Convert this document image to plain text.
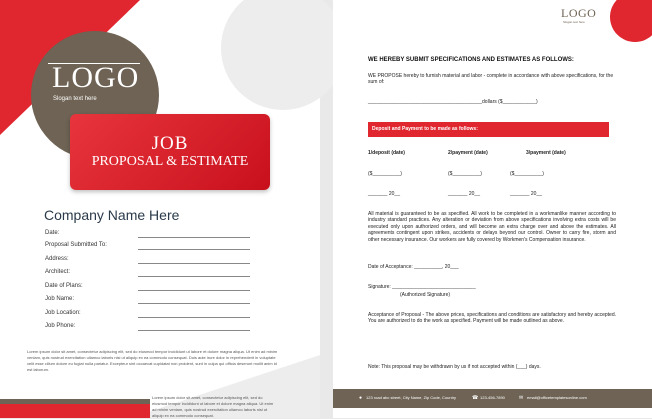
LOGO
Slogan text here
JOB
PROPOSAL & ESTIMATE
Company Name Here
Date:
Proposal Submitted To:
Address:
Architect:
Date of Plans:
Job Name:
Job Location:
Job Phone:
Lorem ipsum dolor sit amet, consectetur adipiscing elit, sed do eiusmod tempor incididunt ut labore et dolore magna aliqua. Ut enim ad minim veniam, quis nostrud exercitation ullamco laboris nisi ut aliquip ex ea commodo consequat. Duis aute irure dolor in reprehenderit in voluptate velit esse cillum dolore eu fugiat nulla pariatur. Excepteur sint occaecat cupidatat non proident, sunt in culpa qui officia deserunt mollit anim id est laborum.
Lorem ipsum dolor sit amet, consectetur adipiscing elit, sed do eiusmod tempor incididunt ut labore et dolore magna aliqua. Ut enim ad minim veniam, quis nostrud exercitation ullamco laboris nisi ut aliquip ex ea commodo consequat.
LOGO
Slogan text here
WE HEREBY SUBMIT SPECIFICATIONS AND ESTIMATES AS FOLLOWS:
WE PROPOSE hereby to furnish material and labor - complete in accordance with above specifications, for the sum of:
_________________________________________dollars ($____________)
Deposit and Payment to be made as follows:
1/deposit (date)	2/payment (date)	3/payment (date)
($__________)	($__________)	($__________)
_______ 20__	_______ 20__	_______ 20__
All material is guaranteed to be as specified. All work to be completed in a workmanlike manner according to industry standard practices. Any alteration or deviation from above specifications involving extra costs will be executed only upon authorized orders, and will become an extra charge over and above the estimates. All agreements contingent upon strikes, accidents or delays beyond our control. Owner to carry fire, storm and other necessary insurance. Our workers are fully covered by Workmen's Compensation insurance.
Date of Acceptance: __________, 20___
Signature: ______________________________
(Authorized Signature)
Acceptance of Proposal - The above prices, specifications and conditions are satisfactory and hereby accepted. You are authorized to do the work as specified. Payment will be made outlined as above.
Note: This proposal may be withdrawn by us if not accepted within (___) days.
● 123 road abc street, City Name, Zip Code, Country	☎ 123-456-7890	✉ email@officetemplatesonline.com
